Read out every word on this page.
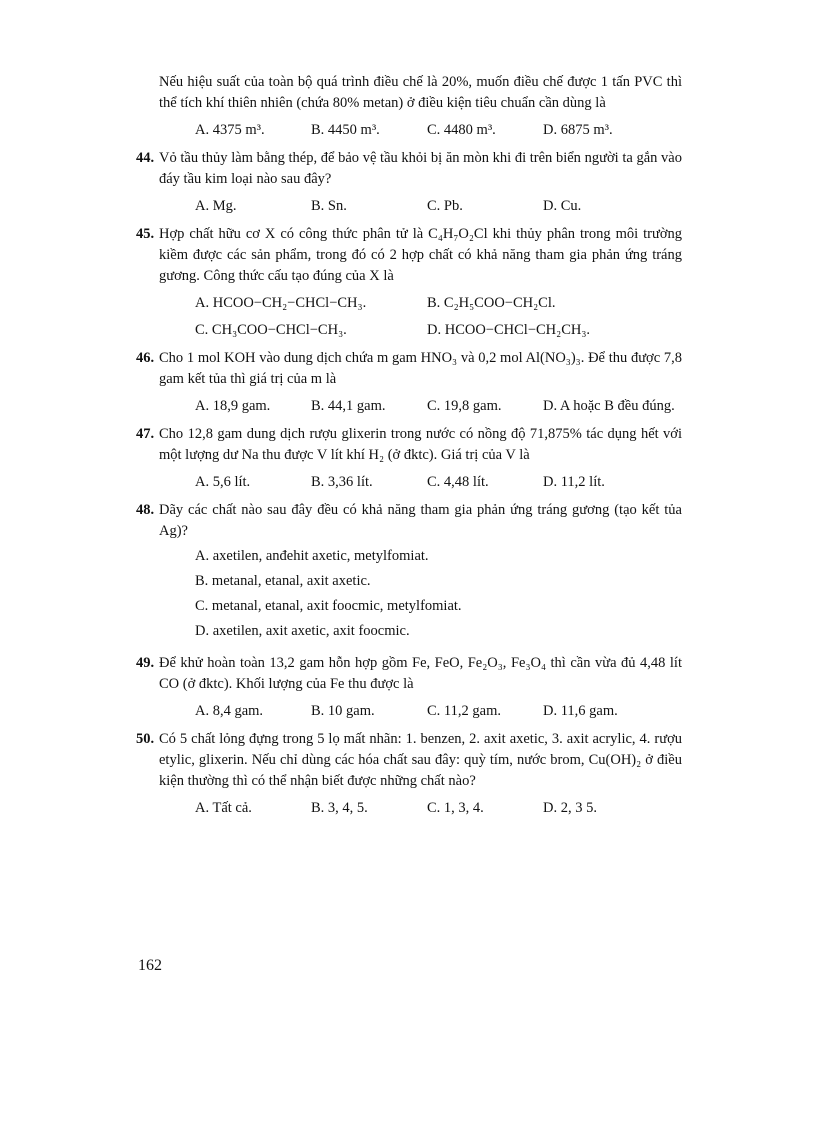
Nếu hiệu suất của toàn bộ quá trình điều chế là 20%, muốn điều chế được 1 tấn PVC thì thể tích khí thiên nhiên (chứa 80% metan) ở điều kiện tiêu chuẩn cần dùng là
A. 4375 m³.	B. 4450 m³.	C. 4480 m³.	D. 6875 m³.
44. Vỏ tầu thủy làm bằng thép, để bảo vệ tầu khỏi bị ăn mòn khi đi trên biển người ta gắn vào đáy tầu kim loại nào sau đây?
A. Mg.	B. Sn.	C. Pb.	D. Cu.
45. Hợp chất hữu cơ X có công thức phân tử là C₄H₇O₂Cl khi thủy phân trong môi trường kiềm được các sản phẩm, trong đó có 2 hợp chất có khả năng tham gia phản ứng tráng gương. Công thức cấu tạo đúng của X là
A. HCOO−CH₂−CHCl−CH₃.	B. C₂H₅COO−CH₂Cl.
C. CH₃COO−CHCl−CH₃.	D. HCOO−CHCl−CH₂CH₃.
46. Cho 1 mol KOH vào dung dịch chứa m gam HNO₃ và 0,2 mol Al(NO₃)₃. Để thu được 7,8 gam kết tủa thì giá trị của m là
A. 18,9 gam.	B. 44,1 gam.	C. 19,8 gam.	D. A hoặc B đều đúng.
47. Cho 12,8 gam dung dịch rượu glixerin trong nước có nồng độ 71,875% tác dụng hết với một lượng dư Na thu được V lít khí H₂ (ở đktc). Giá trị của V là
A. 5,6 lít.	B. 3,36 lít.	C. 4,48 lít.	D. 11,2 lít.
48. Dãy các chất nào sau đây đều có khả năng tham gia phản ứng tráng gương (tạo kết tủa Ag)?
A. axetilen, anđehit axetic, metylfomiat.
B. metanal, etanal, axit axetic.
C. metanal, etanal, axit foocmic, metylfomiat.
D. axetilen, axit axetic, axit foocmic.
49. Để khử hoàn toàn 13,2 gam hỗn hợp gồm Fe, FeO, Fe₂O₃, Fe₃O₄ thì cần vừa đủ 4,48 lít CO (ở đktc). Khối lượng của Fe thu được là
A. 8,4 gam.	B. 10 gam.	C. 11,2 gam.	D. 11,6 gam.
50. Có 5 chất lỏng đựng trong 5 lọ mất nhãn: 1. benzen, 2. axit axetic, 3. axit acrylic, 4. rượu etylic, glixerin. Nếu chỉ dùng các hóa chất sau đây: quỳ tím, nước brom, Cu(OH)₂ ở điều kiện thường thì có thể nhận biết được những chất nào?
A. Tất cả.	B. 3, 4, 5.	C. 1, 3, 4.	D. 2, 3 5.
162
